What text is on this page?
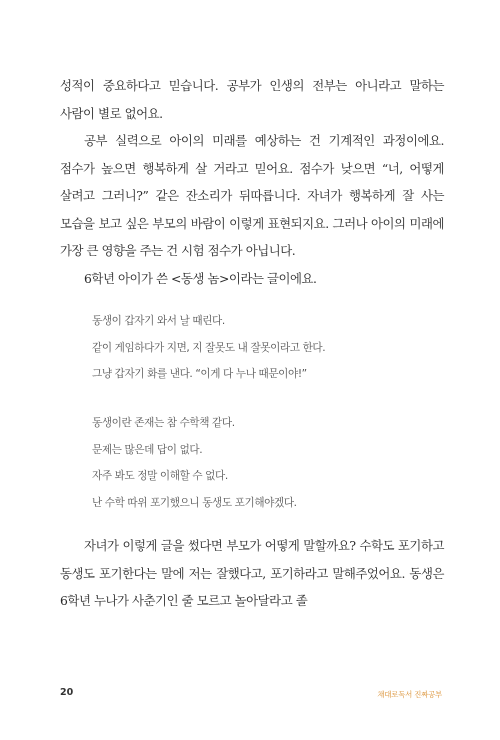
성적이 중요하다고 믿습니다. 공부가 인생의 전부는 아니라고 말하는 사람이 별로 없어요.

공부 실력으로 아이의 미래를 예상하는 건 기계적인 과정이에요. 점수가 높으면 행복하게 살 거라고 믿어요. 점수가 낮으면 “너, 어떻게 살려고 그러니?” 같은 잔소리가 뒤따릅니다. 자녀가 행복하게 잘 사는 모습을 보고 싶은 부모의 바람이 이렇게 표현되지요. 그러나 아이의 미래에 가장 큰 영향을 주는 건 시험 점수가 아닙니다.

6학년 아이가 쓴 <동생 놈>이라는 글이에요.

동생이 갑자기 와서 날 때린다.
같이 게임하다가 지면, 지 잘못도 내 잘못이라고 한다.
그냥 갑자기 화를 낸다. “이게 다 누나 때문이야!”
동생이란 존재는 참 수학책 같다.
문제는 많은데 답이 없다.
자주 봐도 정말 이해할 수 없다.
난 수학 따위 포기했으니 동생도 포기해야겠다.

자녀가 이렇게 글을 썼다면 부모가 어떻게 말할까요? 수학도 포기하고 동생도 포기한다는 말에 저는 잘했다고, 포기하라고 말해주었어요. 동생은 6학년 누나가 사춘기인 줄 모르고 놀아달라고 졸

20	채대로독서 진짜공부
